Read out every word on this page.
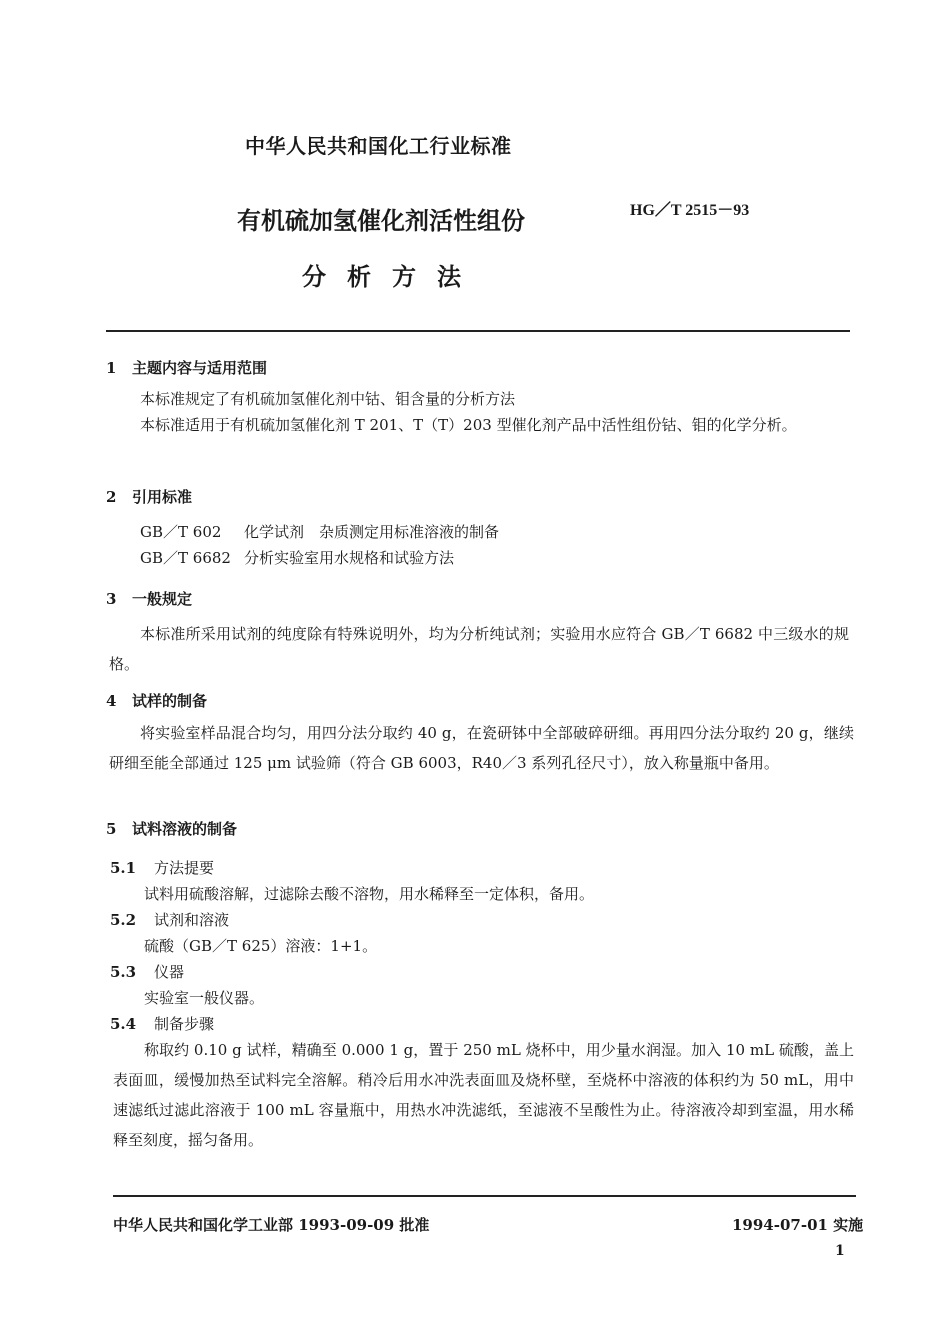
中华人民共和国化工行业标准
有机硫加氢催化剂活性组份	HG／T 2515－93
分析方法
1 主题内容与适用范围
本标准规定了有机硫加氢催化剂中钴、钼含量的分析方法
本标准适用于有机硫加氢催化剂 T 201、T（T）203 型催化剂产品中活性组份钴、钼的化学分析。
2 引用标准
GB／T 602 化学试剂　杂质测定用标准溶液的制备
GB／T 6682 分析实验室用水规格和试验方法
3 一般规定
本标准所采用试剂的纯度除有特殊说明外，均为分析纯试剂；实验用水应符合 GB／T 6682 中三级水的规格。
4 试样的制备
将实验室样品混合均匀，用四分法分取约 40 g，在瓷研钵中全部破碎研细。再用四分法分取约 20 g，继续研细至能全部通过 125 μm 试验筛（符合 GB 6003，R40／3 系列孔径尺寸），放入称量瓶中备用。
5 试料溶液的制备
5.1 方法提要
试料用硫酸溶解，过滤除去酸不溶物，用水稀释至一定体积，备用。
5.2 试剂和溶液
硫酸（GB／T 625）溶液：1+1。
5.3 仪器
实验室一般仪器。
5.4 制备步骤
称取约 0.10 g 试样，精确至 0.000 1 g，置于 250 mL 烧杯中，用少量水润湿。加入 10 mL 硫酸，盖上表面皿，缓慢加热至试料完全溶解。稍冷后用水冲洗表面皿及烧杯壁，至烧杯中溶液的体积约为 50 mL，用中速滤纸过滤此溶液于 100 mL 容量瓶中，用热水冲洗滤纸，至滤液不呈酸性为止。待溶液冷却到室温，用水稀释至刻度，摇匀备用。
中华人民共和国化学工业部 1993-09-09 批准	1994-07-01 实施
1
